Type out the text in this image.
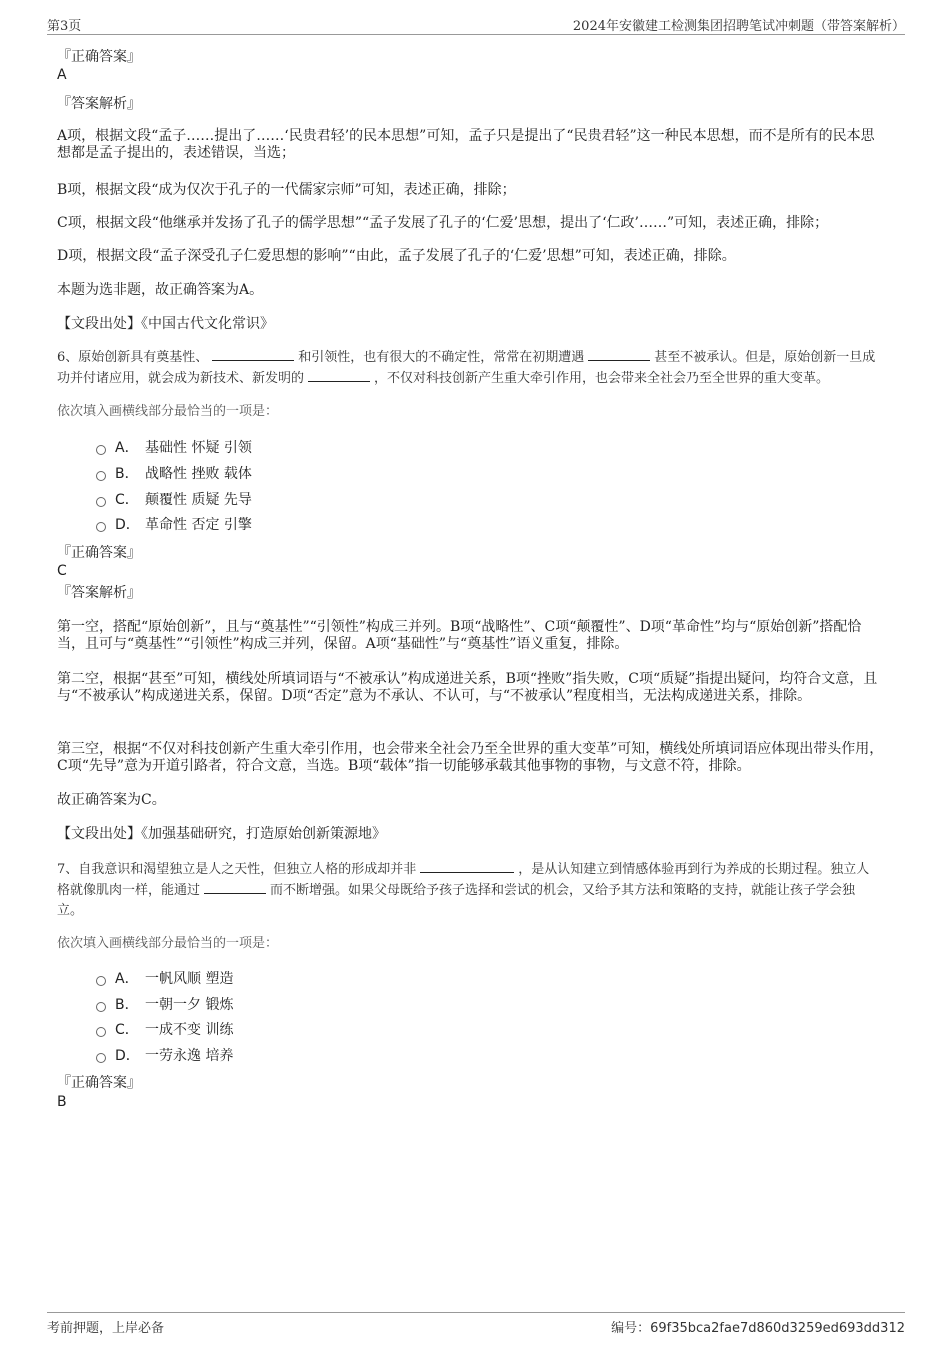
第3页	2024年安徽建工检测集团招聘笔试冲刺题（带答案解析）
『正确答案』
A
『答案解析』
A项，根据文段“孟子……提出了……‘民贵君轻’的民本思想”可知，孟子只是提出了“民贵君轻”这一种民本思想，而不是所有的民本思想都是孟子提出的，表述错误，当选；
B项，根据文段“成为仅次于孔子的一代儒家宗师”可知，表述正确，排除；
C项，根据文段“他继承并发扬了孔子的儒学思想”“孟子发展了孔子的‘仁爱’思想，提出了‘仁政’……”可知，表述正确，排除；
D项，根据文段“孟子深受孔子仁爱思想的影响”“由此，孟子发展了孔子的‘仁爱’思想”可知，表述正确，排除。
本题为选非题，故正确答案为A。
【文段出处】《中国古代文化常识》
6、原始创新具有奠基性、	和引领性，也有很大的不确定性，常常在初期遭遇	甚至不被承认。但是，原始创新一旦成
功并付诸应用，就会成为新技术、新发明的	，不仅对科技创新产生重大牵引作用，也会带来全社会乃至全世界的重大变革。
依次填入画横线部分最恰当的一项是：
A． 基础性 怀疑 引领
B． 战略性 挫败 载体
C． 颠覆性 质疑 先导
D． 革命性 否定 引擎
『正确答案』
C
『答案解析』
第一空，搭配“原始创新”，且与“奠基性”“引领性”构成三并列。B项“战略性”、C项“颠覆性”、D项“革命性”均与“原始创新”搭配恰当，且可与“奠基性”“引领性”构成三并列，保留。A项“基础性”与“奠基性”语义重复，排除。
第二空，根据“甚至”可知，横线处所填词语与“不被承认”构成递进关系，B项“挫败”指失败，C项“质疑”指提出疑问，均符合文意，且与“不被承认”构成递进关系，保留。D项“否定”意为不承认、不认可，与“不被承认”程度相当，无法构成递进关系，排除。
第三空，根据“不仅对科技创新产生重大牵引作用，也会带来全社会乃至全世界的重大变革”可知，横线处所填词语应体现出带头作用，C项“先导”意为开道引路者，符合文意，当选。B项“载体”指一切能够承载其他事物的事物，与文意不符，排除。
故正确答案为C。
【文段出处】《加强基础研究，打造原始创新策源地》
7、自我意识和渴望独立是人之天性，但独立人格的形成却并非	，是从认知建立到情感体验再到行为养成的长期过程。独立人
格就像肌肉一样，能通过	而不断增强。如果父母既给予孩子选择和尝试的机会，又给予其方法和策略的支持，就能让孩子学会独
立。
依次填入画横线部分最恰当的一项是：
A． 一帆风顺 塑造
B． 一朝一夕 锻炼
C． 一成不变 训练
D． 一劳永逸 培养
『正确答案』
B
考前押题，上岸必备	编号：69f35bca2fae7d860d3259ed693dd312
